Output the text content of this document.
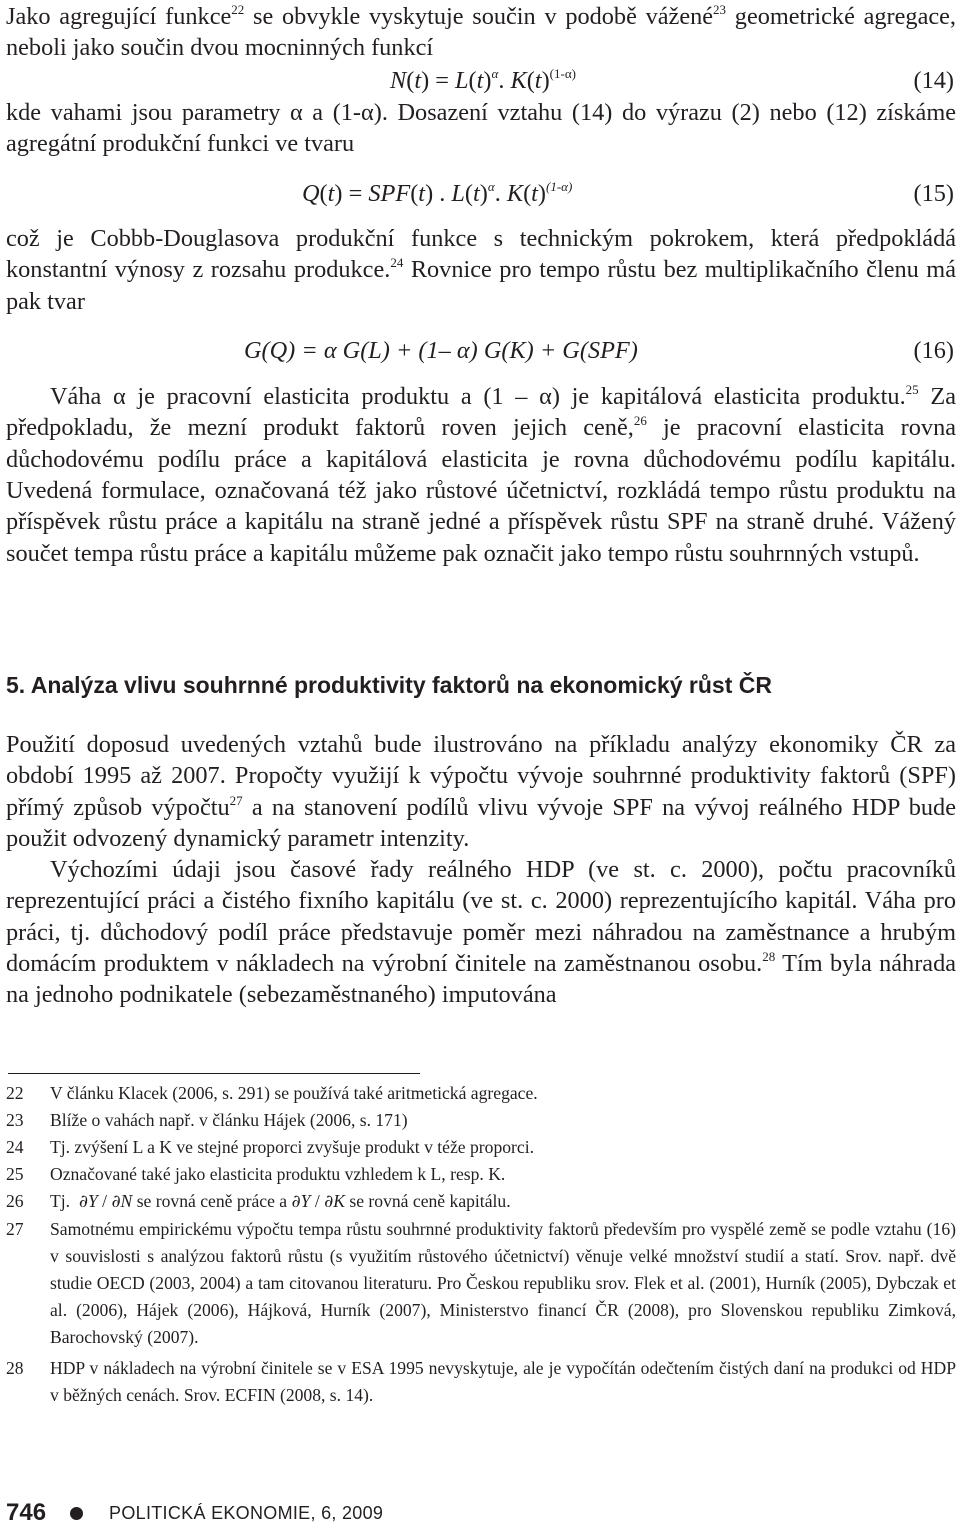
Jako agregující funkce$^{22}$ se obvykle vyskytuje součin v podobě vážené$^{23}$ geometrické agregace, neboli jako součin dvou mocninných funkcí

$N(t) = L(t)^\alpha$. $K(t)^{(1-\alpha)}$	(14)

kde vahami jsou parametry α a (1-α). Dosazení vztahu (14) do výrazu (2) nebo (12) získáme agregátní produkční funkci ve tvaru

Q(t) = SPF(t) . $L(t)^\alpha$. $K(t)^{(1-\alpha)}$	(15)

což je Cobbb-Douglasova produkční funkce s technickým pokrokem, která předpokládá konstantní výnosy z rozsahu produkce.$^{24}$ Rovnice pro tempo růstu bez multiplikačního členu má pak tvar

G(Q) = α G(L) + (1– α) G(K) + G(SPF)	(16)

Váha α je pracovní elasticita produktu a (1 – α) je kapitálová elasticita produktu.$^{25}$ Za předpokladu, že mezní produkt faktorů roven jejich ceně,$^{26}$ je pracovní elasticita rovna důchodovému podílu práce a kapitálová elasticita je rovna důchodovému podílu kapitálu. Uvedená formulace, označovaná též jako růstové účetnictví, rozkládá tempo růstu produktu na příspěvek růstu práce a kapitálu na straně jedné a příspěvek růstu SPF na straně druhé. Vážený součet tempa růstu práce a kapitálu můžeme pak označit jako tempo růstu souhrnných vstupů.

5. Analýza vlivu souhrnné produktivity faktorů na ekonomický růst ČR

Použití doposud uvedených vztahů bude ilustrováno na příkladu analýzy ekonomiky ČR za období 1995 až 2007. Propočty využijí k výpočtu vývoje souhrnné produktivity faktorů (SPF) přímý způsob výpočtu$^{27}$ a na stanovení podílů vlivu vývoje SPF na vývoj reálného HDP bude použit odvozený dynamický parametr intenzity.

Výchozími údaji jsou časové řady reálného HDP (ve st. c. 2000), počtu pracovníků reprezentující práci a čistého fixního kapitálu (ve st. c. 2000) reprezentujícího kapitál. Váha pro práci, tj. důchodový podíl práce představuje poměr mezi náhradou na zaměstnance a hrubým domácím produktem v nákladech na výrobní činitele na zaměstnanou osobu.$^{28}$ Tím byla náhrada na jednoho podnikatele (sebezaměstnaného) imputována

22	V článku Klacek (2006, s. 291) se používá také aritmetická agregace.
23	Blíže o vahách např. v článku Hájek (2006, s. 171)
24	Tj. zvýšení L a K ve stejné proporci zvyšuje produkt v téže proporci.
25	Označované také jako elasticita produktu vzhledem k L, resp. K.
26	Tj. ∂Y / ∂N se rovná ceně práce a ∂Y / ∂K se rovná ceně kapitálu.
27	Samotnému empirickému výpočtu tempa růstu souhrnné produktivity faktorů především pro vyspělé země se podle vztahu (16) v souvislosti s analýzou faktorů růstu (s využitím růstového účetnictví) věnuje velké množství studií a statí. Srov. např. dvě studie OECD (2003, 2004) a tam citovanou literaturu. Pro Českou republiku srov. Flek et al. (2001), Hurník (2005), Dybczak et al. (2006), Hájek (2006), Hájková, Hurník (2007), Ministerstvo financí ČR (2008), pro Slovenskou republiku Zimková, Barochovský (2007).
28	HDP v nákladech na výrobní činitele se v ESA 1995 nevyskytuje, ale je vypočítán odečtením čistých daní na produkci od HDP v běžných cenách. Srov. ECFIN (2008, s. 14).
746	POLITICKÁ EKONOMIE, 6, 2009
